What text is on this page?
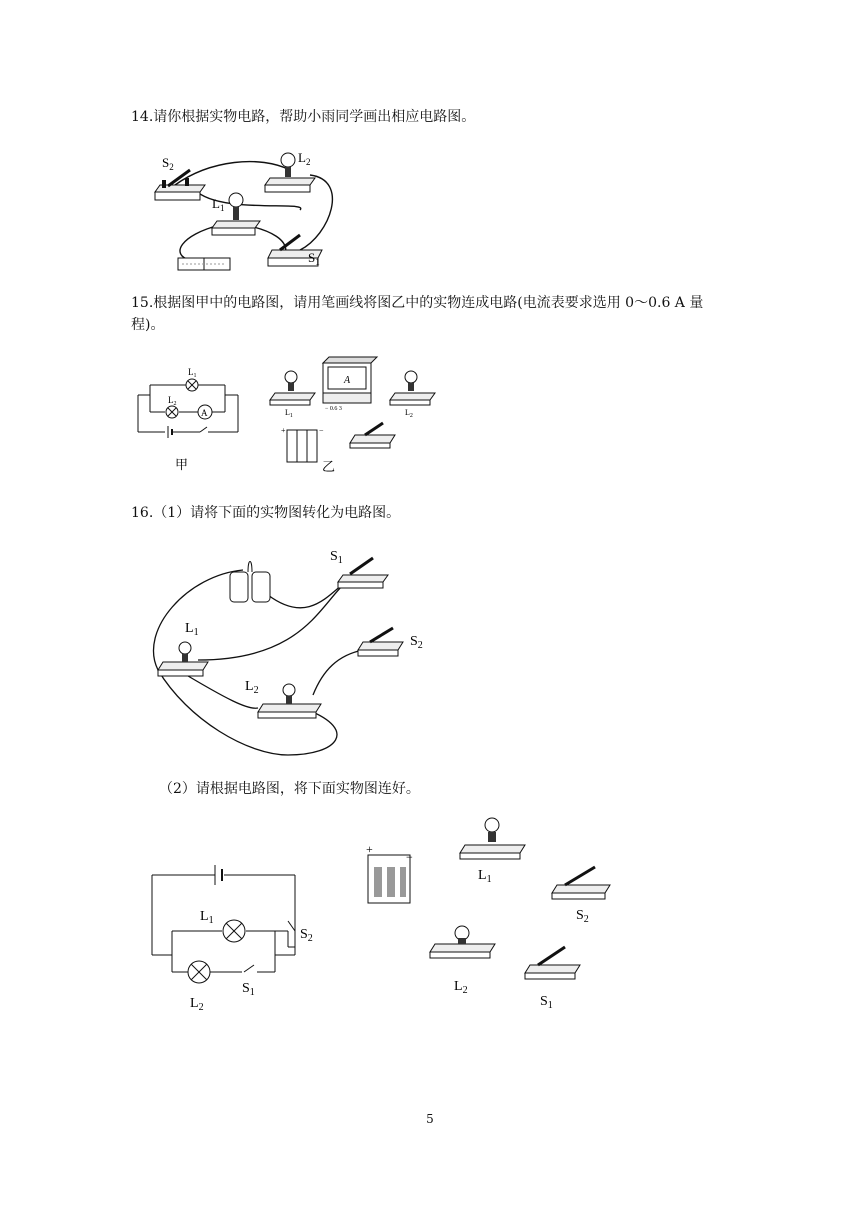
14.请你根据实物电路，帮助小雨同学画出相应电路图。
$S_2$
$L_2$
$L_1$
$S_1$
15.根据图甲中的电路图，请用笔画线将图乙中的实物连成电路(电流表要求选用 0～0.6 A 量程)。
A
$L_1$
$L_2$
甲
$L_1$
A
− 0.6 3	$L_2$
+	−
乙
16.（1）请将下面的实物图转化为电路图。
$S_1$
$L_1$
$S_2$
$L_2$
（2）请根据电路图，将下面实物图连好。
$L_1$
$S_2$
$S_1$
$L_2$
+
−
$L_1$
$S_2$
$L_2$
$S_1$
5
